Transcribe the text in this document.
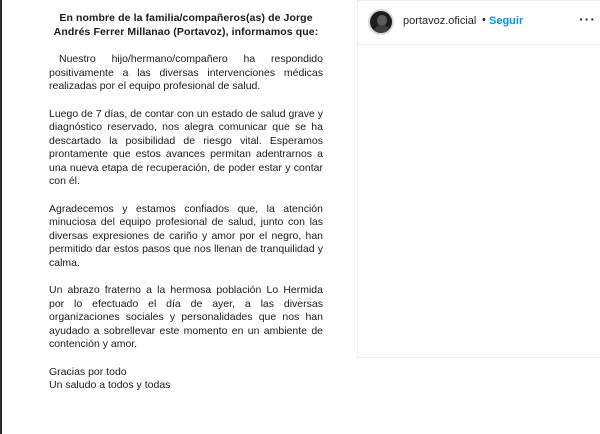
En nombre de la familia/compañeros(as) de Jorge Andrés Ferrer Millanao (Portavoz), informamos que:

Nuestro hijo/hermano/compañero ha respondido positivamente a las diversas intervenciones médicas realizadas por el equipo profesional de salud.

Luego de 7 días, de contar con un estado de salud grave y diagnóstico reservado, nos alegra comunicar que se ha descartado la posibilidad de riesgo vital. Esperamos prontamente que estos avances permitan adentrarnos a una nueva etapa de recuperación, de poder estar y contar con él.

Agradecemos y estamos confiados que, la atención minuciosa del equipo profesional de salud, junto con las diversas expresiones de cariño y amor por el negro, han permitido dar estos pasos que nos llenan de tranquilidad y calma.

Un abrazo fraterno a la hermosa población Lo Hermida por lo efectuado el día de ayer, a las diversas organizaciones sociales y personalidades que nos han ayudado a sobrellevar este momento en un ambiente de contención y amor.

Gracias por todo
Un saludo a todos y todas
portavoz.oficial • Seguir	···
